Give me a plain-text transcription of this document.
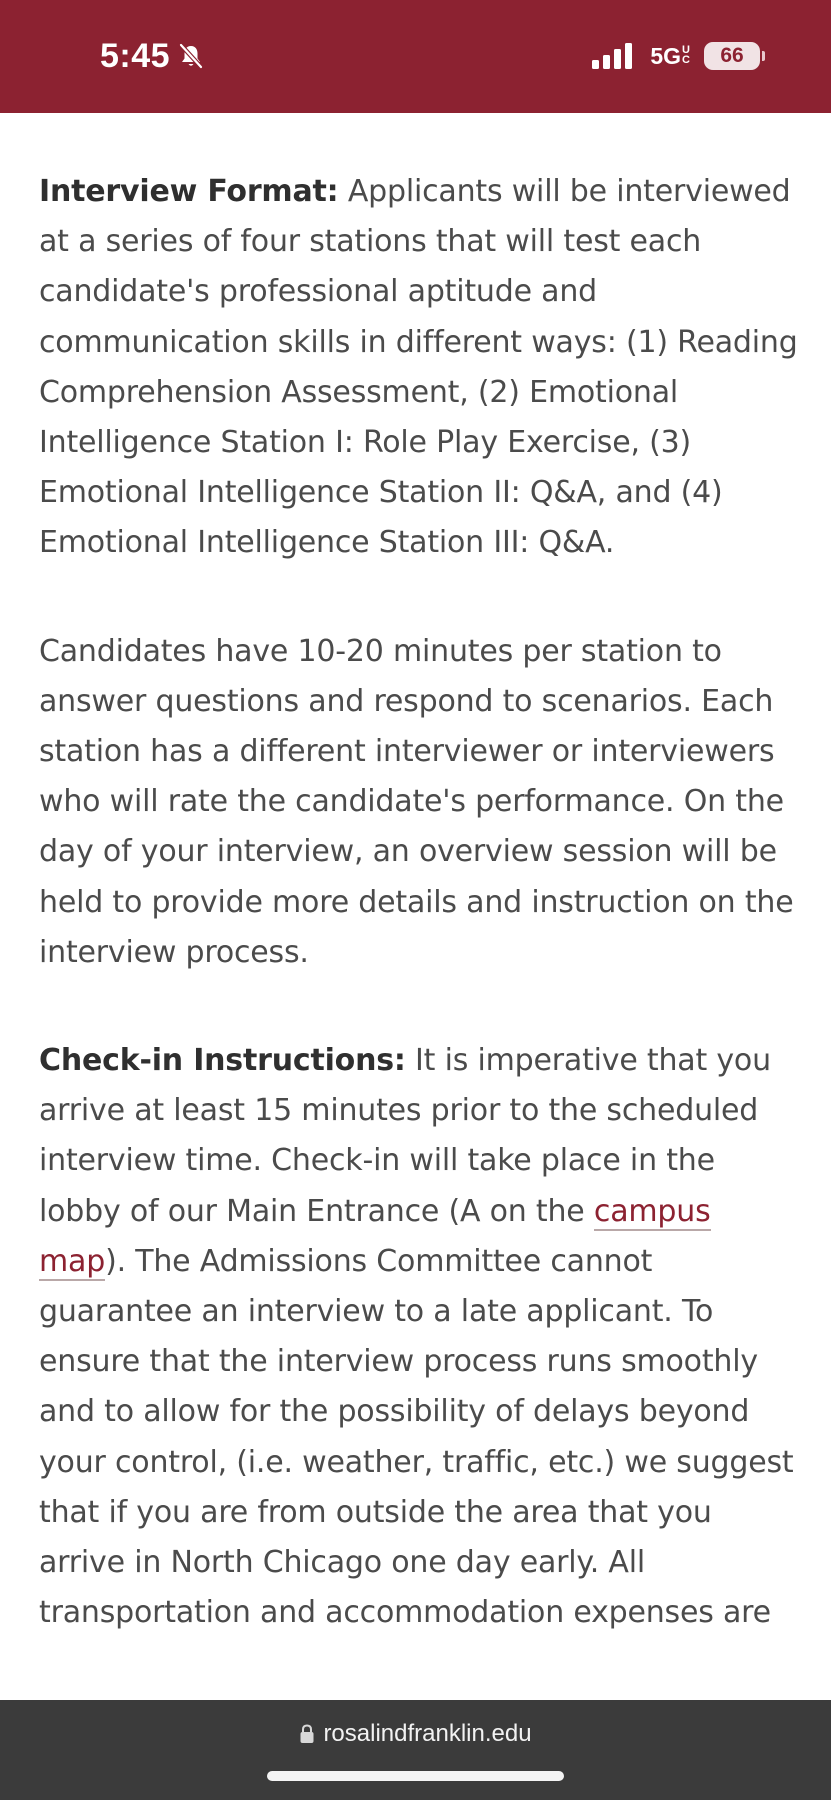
5:45	5G U
C	66

Interview Format: Applicants will be interviewed at a series of four stations that will test each candidate's professional aptitude and communication skills in different ways: (1) Reading Comprehension Assessment, (2) Emotional Intelligence Station I: Role Play Exercise, (3) Emotional Intelligence Station II: Q&A, and (4) Emotional Intelligence Station III: Q&A.

Candidates have 10-20 minutes per station to answer questions and respond to scenarios. Each station has a different interviewer or interviewers who will rate the candidate's performance. On the day of your interview, an overview session will be held to provide more details and instruction on the interview process.

Check-in Instructions: It is imperative that you arrive at least 15 minutes prior to the scheduled interview time. Check-in will take place in the lobby of our Main Entrance (A on the campus map). The Admissions Committee cannot guarantee an interview to a late applicant. To ensure that the interview process runs smoothly and to allow for the possibility of delays beyond your control, (i.e. weather, traffic, etc.) we suggest that if you are from outside the area that you arrive in North Chicago one day early. All transportation and accommodation expenses are

rosalindfranklin.edu
